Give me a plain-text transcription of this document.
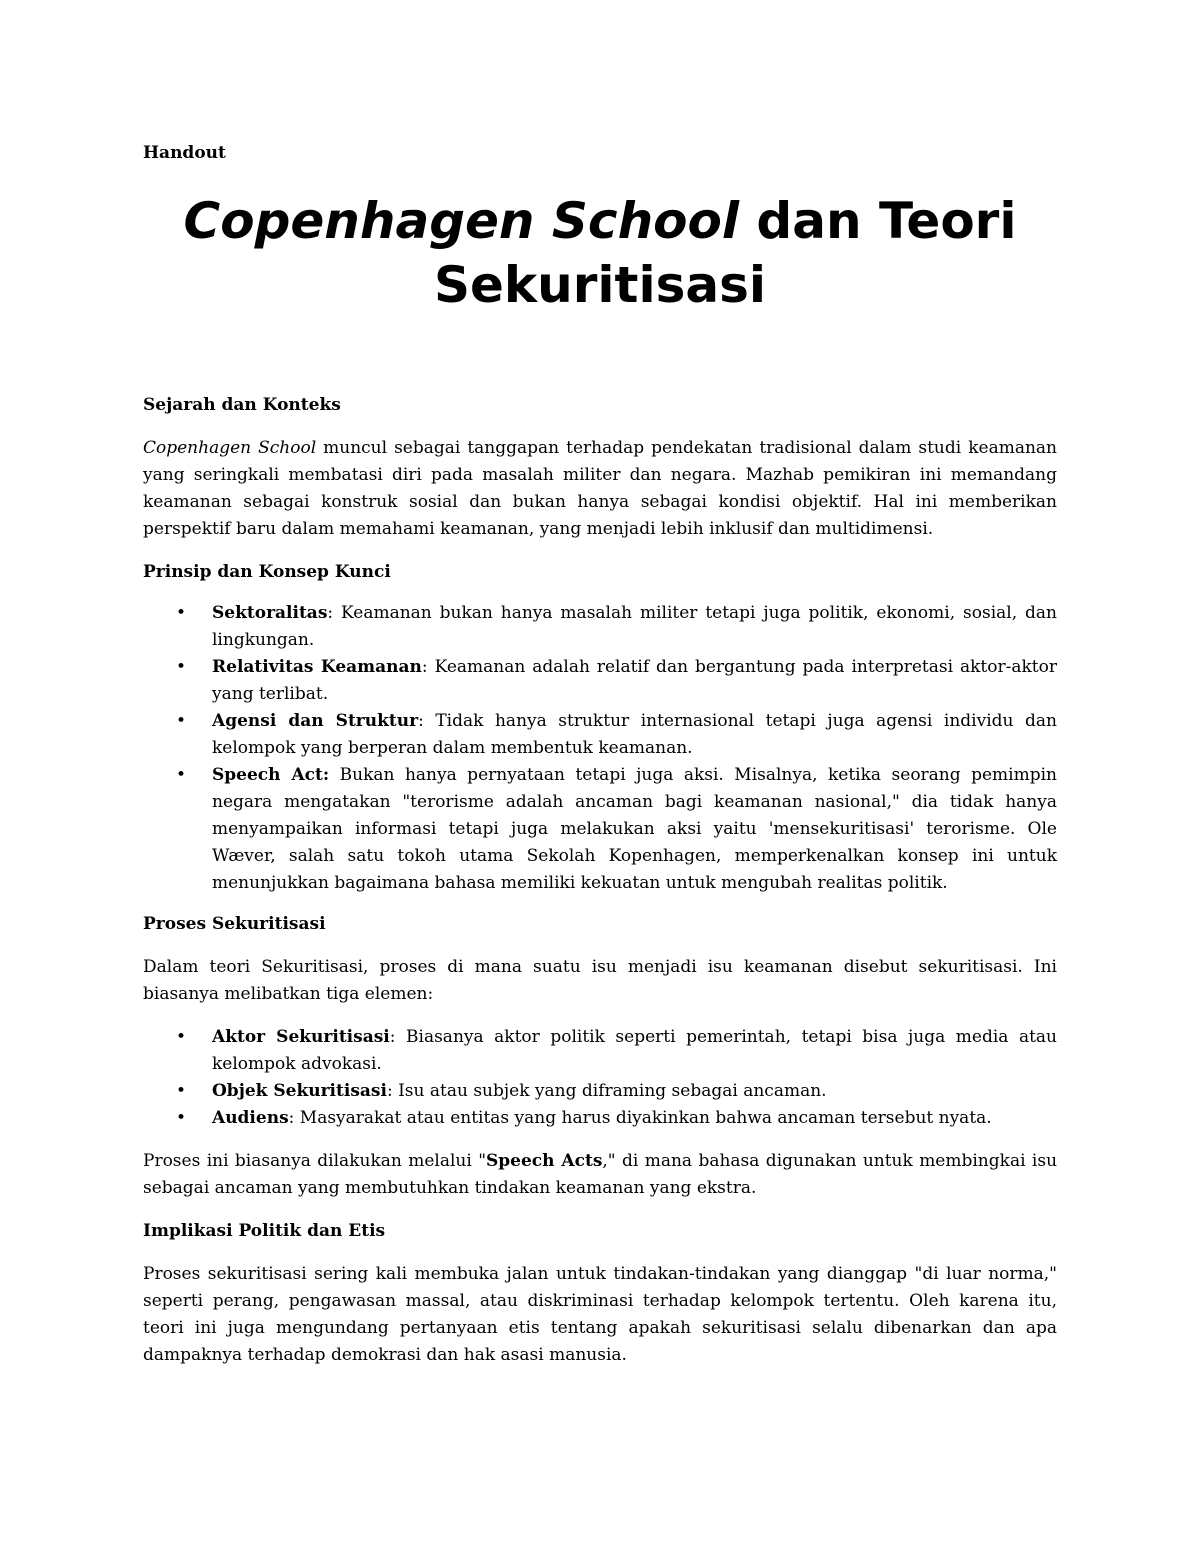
Handout

Copenhagen School dan Teori
Sekuritisasi

Sejarah dan Konteks

Copenhagen School muncul sebagai tanggapan terhadap pendekatan tradisional dalam studi keamanan yang seringkali membatasi diri pada masalah militer dan negara. Mazhab pemikiran ini memandang keamanan sebagai konstruk sosial dan bukan hanya sebagai kondisi objektif. Hal ini memberikan perspektif baru dalam memahami keamanan, yang menjadi lebih inklusif dan multidimensi.

Prinsip dan Konsep Kunci

• Sektoralitas: Keamanan bukan hanya masalah militer tetapi juga politik, ekonomi, sosial, dan lingkungan.
• Relativitas Keamanan: Keamanan adalah relatif dan bergantung pada interpretasi aktor-aktor yang terlibat.
• Agensi dan Struktur: Tidak hanya struktur internasional tetapi juga agensi individu dan kelompok yang berperan dalam membentuk keamanan.
• Speech Act: Bukan hanya pernyataan tetapi juga aksi. Misalnya, ketika seorang pemimpin negara mengatakan "terorisme adalah ancaman bagi keamanan nasional," dia tidak hanya menyampaikan informasi tetapi juga melakukan aksi yaitu 'mensekuritisasi' terorisme. Ole Wæver, salah satu tokoh utama Sekolah Kopenhagen, memperkenalkan konsep ini untuk menunjukkan bagaimana bahasa memiliki kekuatan untuk mengubah realitas politik.

Proses Sekuritisasi

Dalam teori Sekuritisasi, proses di mana suatu isu menjadi isu keamanan disebut sekuritisasi. Ini biasanya melibatkan tiga elemen:

• Aktor Sekuritisasi: Biasanya aktor politik seperti pemerintah, tetapi bisa juga media atau kelompok advokasi.
• Objek Sekuritisasi: Isu atau subjek yang diframing sebagai ancaman.
• Audiens: Masyarakat atau entitas yang harus diyakinkan bahwa ancaman tersebut nyata.

Proses ini biasanya dilakukan melalui "Speech Acts," di mana bahasa digunakan untuk membingkai isu sebagai ancaman yang membutuhkan tindakan keamanan yang ekstra.

Implikasi Politik dan Etis

Proses sekuritisasi sering kali membuka jalan untuk tindakan-tindakan yang dianggap "di luar norma," seperti perang, pengawasan massal, atau diskriminasi terhadap kelompok tertentu. Oleh karena itu, teori ini juga mengundang pertanyaan etis tentang apakah sekuritisasi selalu dibenarkan dan apa dampaknya terhadap demokrasi dan hak asasi manusia.
